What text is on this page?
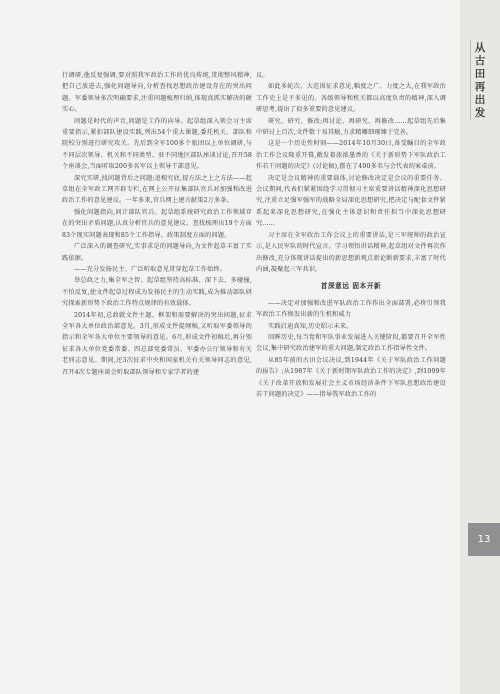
行调研,他反复强调,要对照我军政治工作的优良传统,贯彻整风精神,把自己放进去,强化问题导向,分析查找思想政治建设存在的突出问题。军委领导多次明确要求,注重问题梳理归纳,体现真抓实解决的硬实心。

问题是时代的声音,问题是工作的向导。起草组深入领会习主席重要指示,紧扣部队建设实践,列出54个重大课题,委托机关、部队和院校分别进行研究攻关。先后到全军100多个旅团以上单位调研,与不同层次领导、机关和不同类型、驻不同地区部队座谈讨论,召开58个座谈会,当面听取200多名军以上领导干部意见。

深究实研,找问题背后之问题;追根究底,提方法之上之方法——起草组在全军政工网开辟专栏,在网上公开征集部队官兵对加强和改进政治工作的意见建议。一年多来,官兵网上建言献策2万多条。

强化问题指向,问计部队官兵。起草组系统研究政治工作领域存在的突出矛盾问题,认真分析官兵的意见建议。查找梳理出19个方面83个现实问题表现和85个工作指导、政策制度方面的问题。

广泛深入的调查研究,实事求是的问题导向,为文件起草丰富了实践依据。

——充分发扬民主、广泛听取意见贯穿起草工作始终。

举总政之力,集全军之智。起草组坚持高标准、深下去、多碰撞,不怕反复,使文件起草过程成为发扬民主的生动实践,成为推动部队研究探索新形势下政治工作特点规律的有效载体。

2014年初,总政就文件主题、框架和需要解决的突出问题,征求全军各大单位政治部意见。3月,形成文件提纲稿,又听取军委领导的指示和全军各大单位主要领导的意见。6月,形成文件初稿后,再分别征求各大单位党委常委、四总部党委常员、军委办公厅领导和有关老同志意见。期间,还3次征求中央和国家机关有关领导同志的意见,召开4次专题座谈会听取部队领导和专家学者的建

议。

如此多轮次、大范围征求意见,幅度之广、力度之大,在我军政治工作史上是不多见的。各级领导和机关都以高度负责的精神,深入调研思考,提出了很多重要的意见建议。

研究、研究、修改;再讨论、再研究、再修改……起草组先后集中研讨上百次,文件数十易其稿,力求精雕细琢臻于完善。

这是一个历史性时刻——2014年10月30日,备受瞩目的全军政治工作会议隆重开幕,敞发着浓浓墨香的《关于新形势下军队政治工作若干问题的决定》(讨论稿),摆在了400多名与会代表的案桌前。

决定是会议精神的重要载体,讨论修改决定是会议的重要任务。会议期间,代表们紧紧围绕学习贯彻习主席重要讲话精神深化思想研究,注重立足强军强军的战略全局深化思想研究,把决定与配套文件紧系起来深化思想研究,在强化主体意识和责任担当中深化思想研究……

习主席在全军政治工作会议上的重要讲话,是三军统帅的政治宣示,是人民军队的时代宣言。学习领悟讲话精神,起草组对文件再次作出修改,充分体现讲话提出的新思想新观点新论断新要求,丰富了时代内涵,凝聚起三军共识。

首深意远 固本开新

——决定对加强和改进军队政治工作作出全面部署,必将引领我军政治工作焕发出新的生机和威力

实践启迪真知,历史昭示未来。

回眸历史,每当党和军队事业发展进入关键阶段,都要召开全军性会议,集中研究政治建军的重大问题,制定政治工作指导性文件。

从85年前的古田会议决议,到1944年《关于军队政治工作问题的报告》;从1987年《关于新时期军队政治工作的决定》,到1999年《关于改革开放和发展社会主义市场经济条件下军队思想政治建设若干问题的决定》——指导我军政治工作的

从古田再出发
13
